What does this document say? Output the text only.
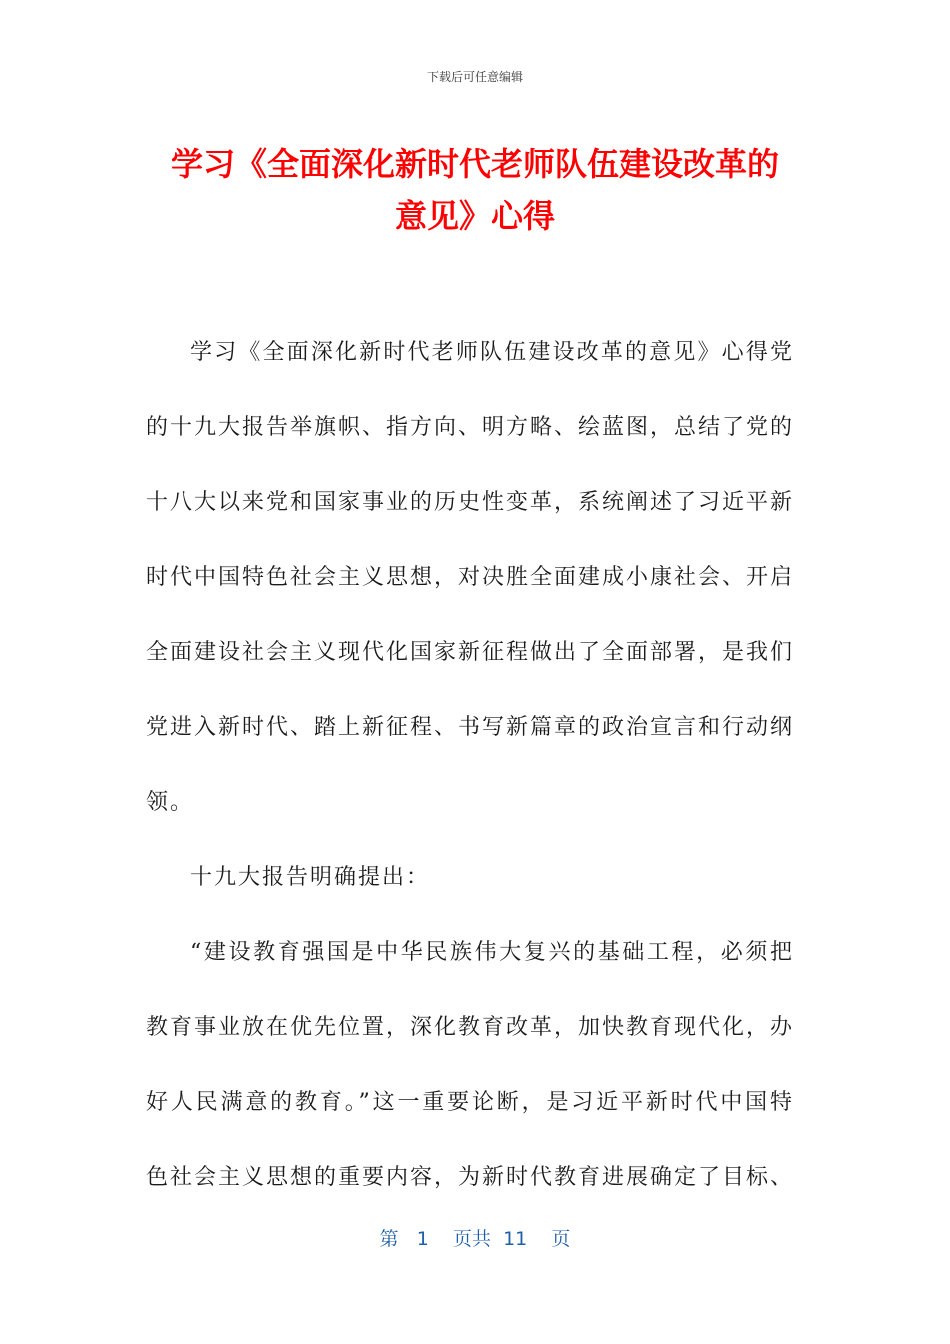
下载后可任意编辑
学习《全面深化新时代老师队伍建设改革的
意见》心得

学习《全面深化新时代老师队伍建设改革的意见》心得党的十九大报告举旗帜、指方向、明方略、绘蓝图，总结了党的十八大以来党和国家事业的历史性变革，系统阐述了习近平新时代中国特色社会主义思想，对决胜全面建成小康社会、开启全面建设社会主义现代化国家新征程做出了全面部署，是我们党进入新时代、踏上新征程、书写新篇章的政治宣言和行动纲领。

十九大报告明确提出：

“建设教育强国是中华民族伟大复兴的基础工程，必须把教育事业放在优先位置，深化教育改革，加快教育现代化，办好人民满意的教育。”这一重要论断，是习近平新时代中国特色社会主义思想的重要内容，为新时代教育进展确定了目标、

第 1 页共 11 页
